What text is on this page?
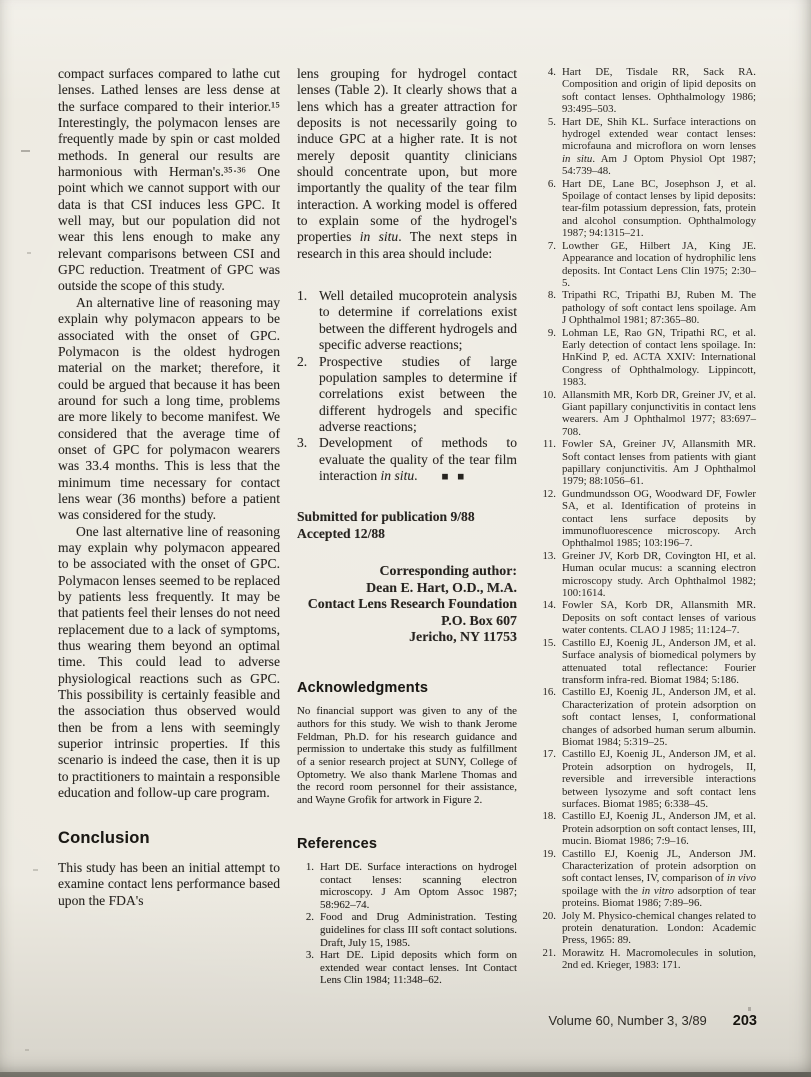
compact surfaces compared to lathe cut lenses. Lathed lenses are less dense at the surface compared to their interior.¹⁵ Interestingly, the polymacon lenses are frequently made by spin or cast molded methods. In general our results are harmonious with Herman's.³⁵·³⁶ One point which we cannot support with our data is that CSI induces less GPC. It well may, but our population did not wear this lens enough to make any relevant comparisons between CSI and GPC reduction. Treatment of GPC was outside the scope of this study.

An alternative line of reasoning may explain why polymacon appears to be associated with the onset of GPC. Polymacon is the oldest hydrogen material on the market; therefore, it could be argued that because it has been around for such a long time, problems are more likely to become manifest. We considered that the average time of onset of GPC for polymacon wearers was 33.4 months. This is less that the minimum time necessary for contact lens wear (36 months) before a patient was considered for the study.

One last alternative line of reasoning may explain why polymacon appeared to be associated with the onset of GPC. Polymacon lenses seemed to be replaced by patients less frequently. It may be that patients feel their lenses do not need replacement due to a lack of symptoms, thus wearing them beyond an optimal time. This could lead to adverse physiological reactions such as GPC. This possibility is certainly feasible and the association thus observed would then be from a lens with seemingly superior intrinsic properties. If this scenario is indeed the case, then it is up to practitioners to maintain a responsible education and follow-up care program.

Conclusion

This study has been an initial attempt to examine contact lens performance based upon the FDA's

lens grouping for hydrogel contact lenses (Table 2). It clearly shows that a lens which has a greater attraction for deposits is not necessarily going to induce GPC at a higher rate. It is not merely deposit quantity clinicians should concentrate upon, but more importantly the quality of the tear film interaction. A working model is offered to explain some of the hydrogel's properties in situ. The next steps in research in this area should include:

1. Well detailed mucoprotein analysis to determine if correlations exist between the different hydrogels and specific adverse reactions;
2. Prospective studies of large population samples to determine if correlations exist between the different hydrogels and specific adverse reactions;
3. Development of methods to evaluate the quality of the tear film interaction in situ. ■ ■
Submitted for publication 9/88
Accepted 12/88
Corresponding author:
Dean E. Hart, O.D., M.A.
Contact Lens Research Foundation
P.O. Box 607
Jericho, NY 11753
Acknowledgments

No financial support was given to any of the authors for this study. We wish to thank Jerome Feldman, Ph.D. for his research guidance and permission to undertake this study as fulfillment of a senior research project at SUNY, College of Optometry. We also thank Marlene Thomas and the record room personnel for their assistance, and Wayne Grofik for artwork in Figure 2.

References
1. Hart DE. Surface interactions on hydrogel contact lenses: scanning electron microscopy. J Am Optom Assoc 1987; 58:962–74.
2. Food and Drug Administration. Testing guidelines for class III soft contact solutions. Draft, July 15, 1985.
3. Hart DE. Lipid deposits which form on extended wear contact lenses. Int Contact Lens Clin 1984; 11:348–62.
4. Hart DE, Tisdale RR, Sack RA. Composition and origin of lipid deposits on soft contact lenses. Ophthalmology 1986; 93:495–503.
5. Hart DE, Shih KL. Surface interactions on hydrogel extended wear contact lenses: microfauna and microflora on worn lenses in situ. Am J Optom Physiol Opt 1987; 54:739–48.
6. Hart DE, Lane BC, Josephson J, et al. Spoilage of contact lenses by lipid deposits: tear-film potassium depression, fats, protein and alcohol consumption. Ophthalmology 1987; 94:1315–21.
7. Lowther GE, Hilbert JA, King JE. Appearance and location of hydrophilic lens deposits. Int Contact Lens Clin 1975; 2:30–5.
8. Tripathi RC, Tripathi BJ, Ruben M. The pathology of soft contact lens spoilage. Am J Ophthalmol 1981; 87:365–80.
9. Lohman LE, Rao GN, Tripathi RC, et al. Early detection of contact lens spoilage. In: HnKind P, ed. ACTA XXIV: International Congress of Ophthalmology. Lippincott, 1983.
10. Allansmith MR, Korb DR, Greiner JV, et al. Giant papillary conjunctivitis in contact lens wearers. Am J Ophthalmol 1977; 83:697–708.
11. Fowler SA, Greiner JV, Allansmith MR. Soft contact lenses from patients with giant papillary conjunctivitis. Am J Ophthalmol 1979; 88:1056–61.
12. Gundmundsson OG, Woodward DF, Fowler SA, et al. Identification of proteins in contact lens surface deposits by immunofluorescence microscopy. Arch Ophthalmol 1985; 103:196–7.
13. Greiner JV, Korb DR, Covington HI, et al. Human ocular mucus: a scanning electron microscopy study. Arch Ophthalmol 1982; 100:1614.
14. Fowler SA, Korb DR, Allansmith MR. Deposits on soft contact lenses of various water contents. CLAO J 1985; 11:124–7.
15. Castillo EJ, Koenig JL, Anderson JM, et al. Surface analysis of biomedical polymers by attenuated total reflectance: Fourier transform infra-red. Biomat 1984; 5:186.
16. Castillo EJ, Koenig JL, Anderson JM, et al. Characterization of protein adsorption on soft contact lenses, I, conformational changes of adsorbed human serum albumin. Biomat 1984; 5:319–25.
17. Castillo EJ, Koenig JL, Anderson JM, et al. Protein adsorption on hydrogels, II, reversible and irreversible interactions between lysozyme and soft contact lens surfaces. Biomat 1985; 6:338–45.
18. Castillo EJ, Koenig JL, Anderson JM, et al. Protein adsorption on soft contact lenses, III, mucin. Biomat 1986; 7:9–16.
19. Castillo EJ, Koenig JL, Anderson JM. Characterization of protein adsorption on soft contact lenses, IV, comparison of in vivo spoilage with the in vitro adsorption of tear proteins. Biomat 1986; 7:89–96.
20. Joly M. Physico-chemical changes related to protein denaturation. London: Academic Press, 1965: 89.
21. Morawitz H. Macromolecules in solution, 2nd ed. Krieger, 1983: 171.
Volume 60, Number 3, 3/89 203
